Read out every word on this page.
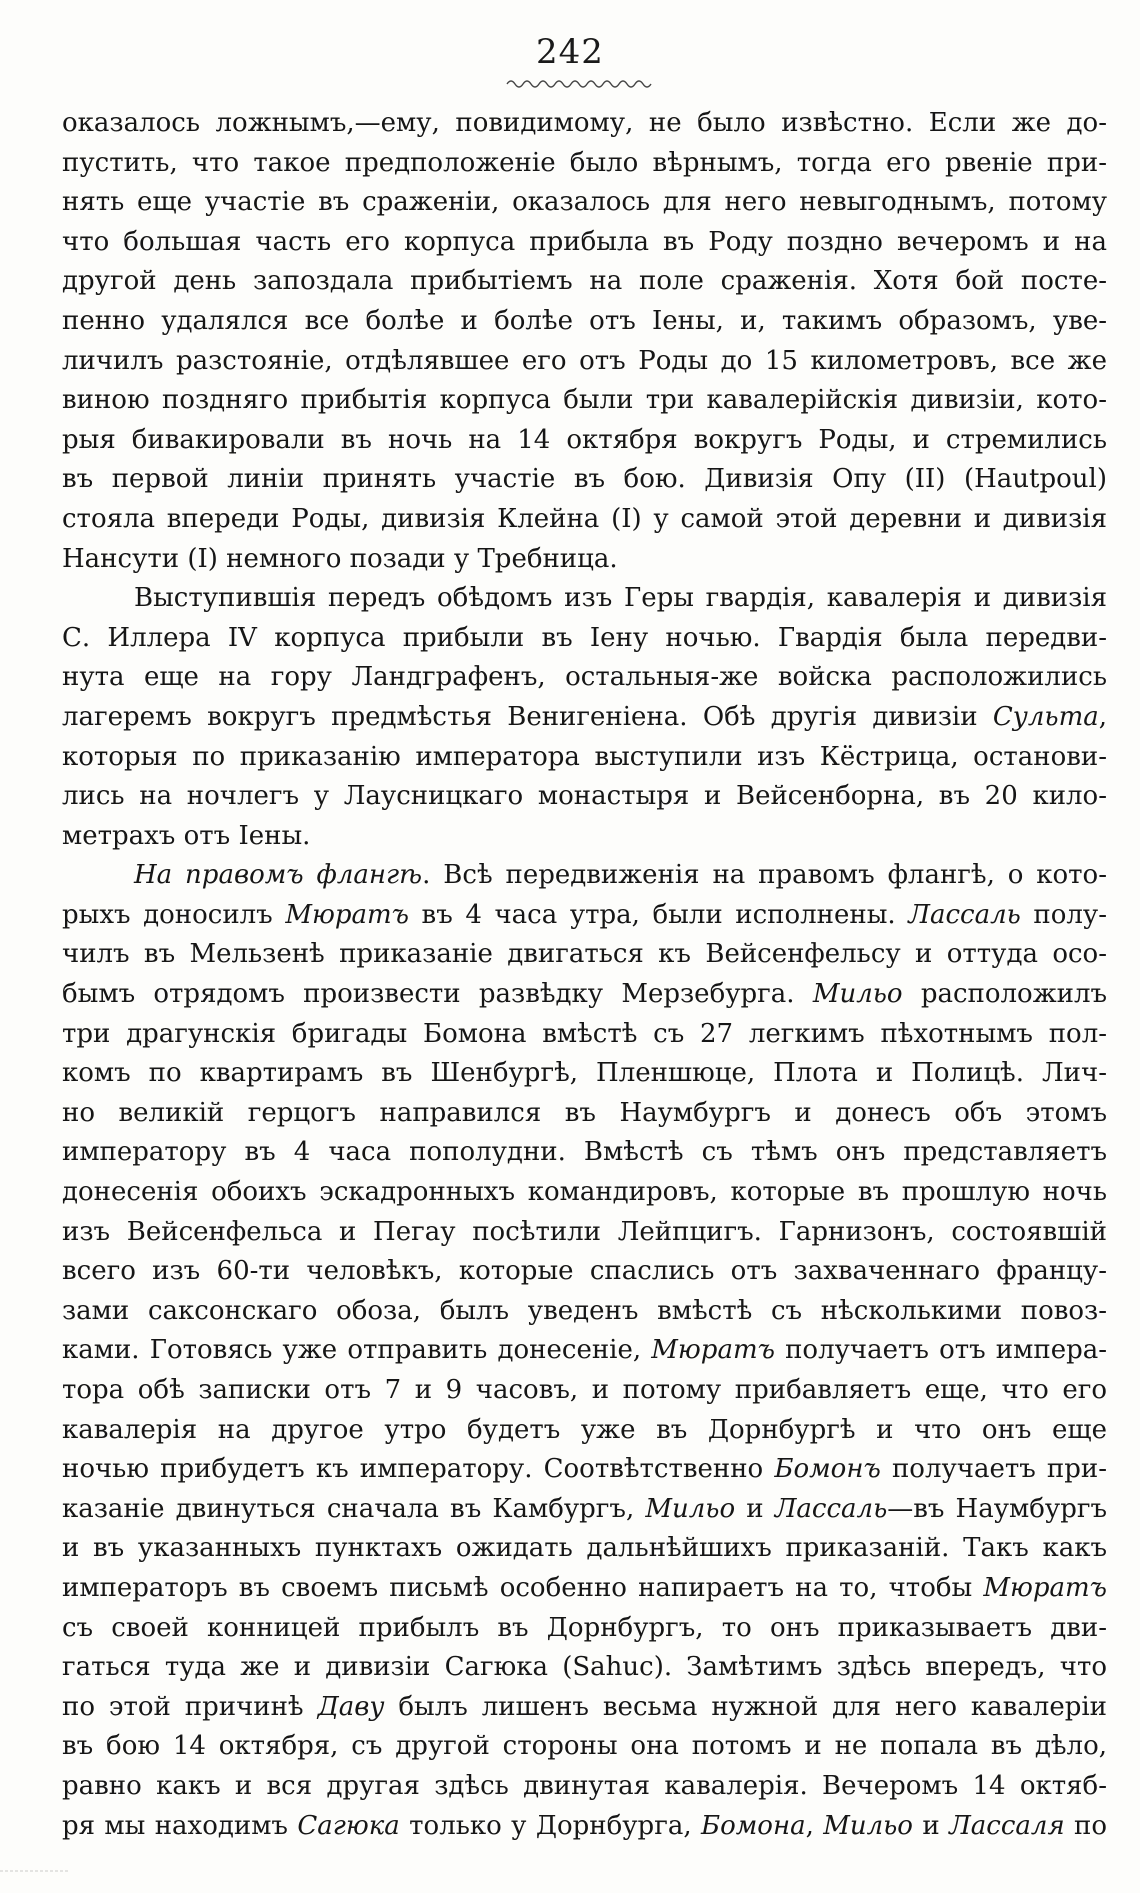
242
оказалось ложнымъ,—ему, повидимому, не было извѣстно. Если же до-
пустить, что такое предположеніе было вѣрнымъ, тогда его рвеніе при-
нять еще участіе въ сраженіи, оказалось для него невыгоднымъ, потому
что большая часть его корпуса прибыла въ Роду поздно вечеромъ и на
другой день запоздала прибытіемъ на поле сраженія. Хотя бой посте-
пенно удалялся все болѣе и болѣе отъ Іены, и, такимъ образомъ, уве-
личилъ разстояніе, отдѣлявшее его отъ Роды до 15 километровъ, все же
виною поздняго прибытія корпуса были три кавалерійскія дивизіи, кото-
рыя бивакировали въ ночь на 14 октября вокругъ Роды, и стремились
въ первой линіи принять участіе въ бою. Дивизія Опу (II) (Hautpoul)
стояла впереди Роды, дивизія Клейна (I) у самой этой деревни и дивизія
Нансути (I) немного позади у Требница.
Выступившія передъ обѣдомъ изъ Геры гвардія, кавалерія и дивизія
С. Иллера IV корпуса прибыли въ Іену ночью. Гвардія была передви-
нута еще на гору Ландграфенъ, остальныя-же войска расположились
лагеремъ вокругъ предмѣстья Венигеніена. Обѣ другія дивизіи Сульта,
которыя по приказанію императора выступили изъ Кёстрица, останови-
лись на ночлегъ у Лаусницкаго монастыря и Вейсенборна, въ 20 кило-
метрахъ отъ Іены.
На правомъ флангѣ. Всѣ передвиженія на правомъ флангѣ, о кото-
рыхъ доносилъ Мюратъ въ 4 часа утра, были исполнены. Лассаль полу-
чилъ въ Мельзенѣ приказаніе двигаться къ Вейсенфельсу и оттуда осо-
бымъ отрядомъ произвести развѣдку Мерзебурга. Мильо расположилъ
три драгунскія бригады Бомона вмѣстѣ съ 27 легкимъ пѣхотнымъ пол-
комъ по квартирамъ въ Шенбургѣ, Пленшюце, Плота и Полицѣ. Лич-
но великій герцогъ направился въ Наумбургъ и донесъ объ этомъ
императору въ 4 часа пополудни. Вмѣстѣ съ тѣмъ онъ представляетъ
донесенія обоихъ эскадронныхъ командировъ, которые въ прошлую ночь
изъ Вейсенфельса и Пегау посѣтили Лейпцигъ. Гарнизонъ, состоявшій
всего изъ 60-ти человѣкъ, которые спаслись отъ захваченнаго францу-
зами саксонскаго обоза, былъ уведенъ вмѣстѣ съ нѣсколькими повоз-
ками. Готовясь уже отправить донесеніе, Мюратъ получаетъ отъ импера-
тора обѣ записки отъ 7 и 9 часовъ, и потому прибавляетъ еще, что его
кавалерія на другое утро будетъ уже въ Дорнбургѣ и что онъ еще
ночью прибудетъ къ императору. Соотвѣтственно Бомонъ получаетъ при-
казаніе двинуться сначала въ Камбургъ, Мильо и Лассаль—въ Наумбургъ
и въ указанныхъ пунктахъ ожидать дальнѣйшихъ приказаній. Такъ какъ
императоръ въ своемъ письмѣ особенно напираетъ на то, чтобы Мюратъ
съ своей конницей прибылъ въ Дорнбургъ, то онъ приказываетъ дви-
гаться туда же и дивизіи Сагюка (Sahuc). Замѣтимъ здѣсь впередъ, что
по этой причинѣ Даву былъ лишенъ весьма нужной для него кавалеріи
въ бою 14 октября, съ другой стороны она потомъ и не попала въ дѣло,
равно какъ и вся другая здѣсь двинутая кавалерія. Вечеромъ 14 октяб-
ря мы находимъ Сагюка только у Дорнбурга, Бомона, Мильо и Лассаля по
